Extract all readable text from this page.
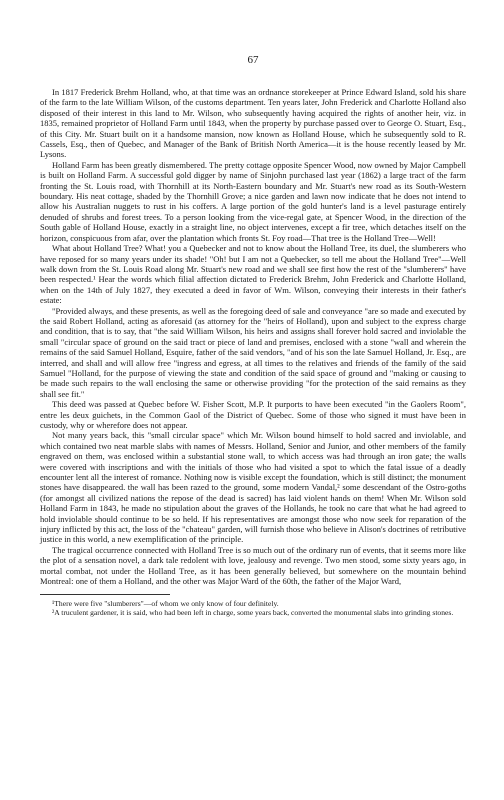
67

In 1817 Frederick Brehm Holland, who, at that time was an ordnance storekeeper at Prince Edward Island, sold his share of the farm to the late William Wilson, of the customs department. Ten years later, John Frederick and Charlotte Holland also disposed of their interest in this land to Mr. Wilson, who subsequently having acquired the rights of another heir, viz. in 1835, remained proprietor of Holland Farm until 1843, when the property by purchase passed over to George O. Stuart, Esq., of this City. Mr. Stuart built on it a handsome mansion, now known as Holland House, which he subsequently sold to R. Cassels, Esq., then of Quebec, and Manager of the Bank of British North America—it is the house recently leased by Mr. Lysons.

Holland Farm has been greatly dismembered. The pretty cottage opposite Spencer Wood, now owned by Major Campbell is built on Holland Farm. A successful gold digger by name of Sinjohn purchased last year (1862) a large tract of the farm fronting the St. Louis road, with Thornhill at its North-Eastern boundary and Mr. Stuart's new road as its South-Western boundary. His neat cottage, shaded by the Thornhill Grove; a nice garden and lawn now indicate that he does not intend to allow his Australian nuggets to rust in his coffers. A large portion of the gold hunter's land is a level pasturage entirely denuded of shrubs and forest trees. To a person looking from the vice-regal gate, at Spencer Wood, in the direction of the South gable of Holland House, exactly in a straight line, no object intervenes, except a fir tree, which detaches itself on the horizon, conspicuous from afar, over the plantation which fronts St. Foy road—That tree is the Holland Tree—Well!

What about Holland Tree? What! you a Quebecker and not to know about the Holland Tree, its duel, the slumberers who have reposed for so many years under its shade! "Oh! but I am not a Quebecker, so tell me about the Holland Tree"—Well walk down from the St. Louis Road along Mr. Stuart's new road and we shall see first how the rest of the "slumberers" have been respected.¹ Hear the words which filial affection dictated to Frederick Brehm, John Frederick and Charlotte Holland, when on the 14th of July 1827, they executed a deed in favor of Wm. Wilson, conveying their interests in their father's estate:

"Provided always, and these presents, as well as the foregoing deed of sale and conveyance "are so made and executed by the said Robert Holland, acting as aforesaid (as attorney for the "heirs of Holland), upon and subject to the express charge and condition, that is to say, that "the said William Wilson, his heirs and assigns shall forever hold sacred and inviolable the small "circular space of ground on the said tract or piece of land and premises, enclosed with a stone "wall and wherein the remains of the said Samuel Holland, Esquire, father of the said vendors, "and of his son the late Samuel Holland, Jr. Esq., are interred, and shall and will allow free "ingress and egress, at all times to the relatives and friends of the family of the said Samuel "Holland, for the purpose of viewing the state and condition of the said space of ground and "making or causing to be made such repairs to the wall enclosing the same or otherwise providing "for the protection of the said remains as they shall see fit."

This deed was passed at Quebec before W. Fisher Scott, M.P. It purports to have been executed "in the Gaolers Room", entre les deux guichets, in the Common Gaol of the District of Quebec. Some of those who signed it must have been in custody, why or wherefore does not appear.

Not many years back, this "small circular space" which Mr. Wilson bound himself to hold sacred and inviolable, and which contained two neat marble slabs with names of Messrs. Holland, Senior and Junior, and other members of the family engraved on them, was enclosed within a substantial stone wall, to which access was had through an iron gate; the walls were covered with inscriptions and with the initials of those who had visited a spot to which the fatal issue of a deadly encounter lent all the interest of romance. Nothing now is visible except the foundation, which is still distinct; the monument stones have disappeared. the wall has been razed to the ground, some modern Vandal,² some descendant of the Ostro-goths (for amongst all civilized nations the repose of the dead is sacred) has laid violent hands on them! When Mr. Wilson sold Holland Farm in 1843, he made no stipulation about the graves of the Hollands, he took no care that what he had agreed to hold inviolable should continue to be so held. If his representatives are amongst those who now seek for reparation of the injury inflicted by this act, the loss of the "chateau" garden, will furnish those who believe in Alison's doctrines of retributive justice in this world, a new exemplification of the principle.

The tragical occurrence connected with Holland Tree is so much out of the ordinary run of events, that it seems more like the plot of a sensation novel, a dark tale redolent with love, jealousy and revenge. Two men stood, some sixty years ago, in mortal combat, not under the Holland Tree, as it has been generally believed, but somewhere on the mountain behind Montreal: one of them a Holland, and the other was Major Ward of the 60th, the father of the Major Ward,

¹There were five "slumberers"—of whom we only know of four definitely.

²A truculent gardener, it is said, who had been left in charge, some years back, converted the monumental slabs into grinding stones.
